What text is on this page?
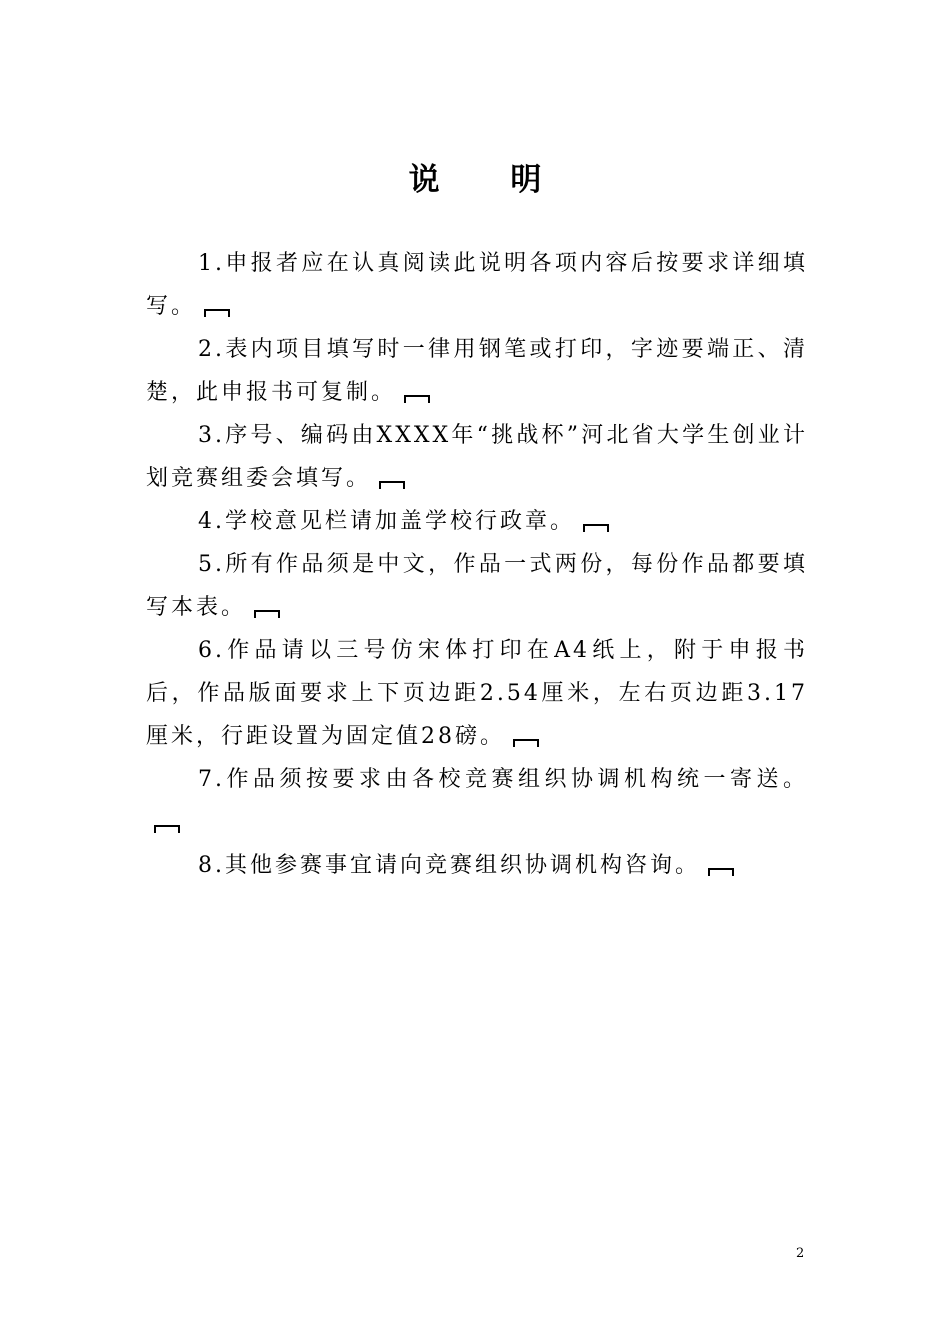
说 明

1.申报者应在认真阅读此说明各项内容后按要求详细填写。

2.表内项目填写时一律用钢笔或打印，字迹要端正、清楚，此申报书可复制。

3.序号、编码由XXXX年“挑战杯”河北省大学生创业计划竞赛组委会填写。

4.学校意见栏请加盖学校行政章。

5.所有作品须是中文，作品一式两份，每份作品都要填写本表。

6.作品请以三号仿宋体打印在A4纸上，附于申报书后，作品版面要求上下页边距2.54厘米，左右页边距3.17厘米，行距设置为固定值28磅。

7.作品须按要求由各校竞赛组织协调机构统一寄送。

8.其他参赛事宜请向竞赛组织协调机构咨询。

2
